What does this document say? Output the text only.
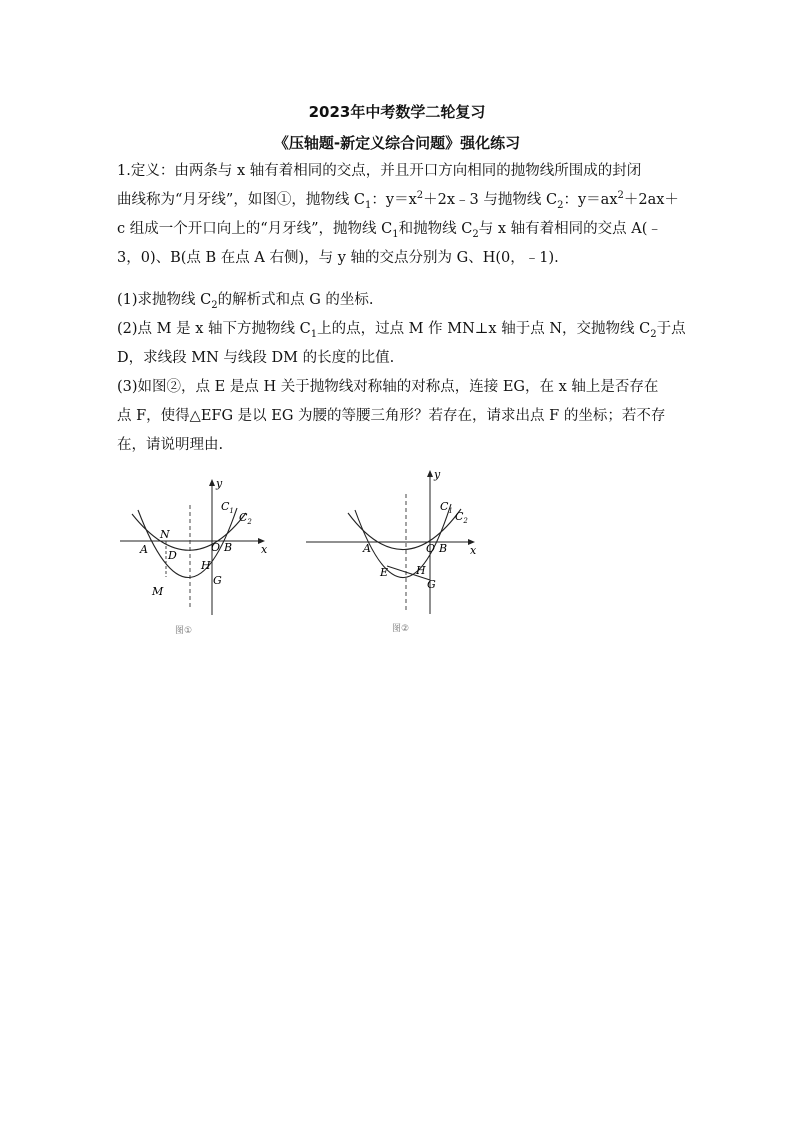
2023年中考数学二轮复习
《压轴题-新定义综合问题》强化练习
1.定义：由两条与 x 轴有着相同的交点，并且开口方向相同的抛物线所围成的封闭
曲线称为“月牙线”，如图①，抛物线 $C_1$：$y=x^2+2x﹣3$ 与抛物线 $C_2$：$y=ax^2+2ax+$
c 组成一个开口向上的“月牙线”，抛物线 $C_1$和抛物线 $C_2$与 x 轴有着相同的交点 A(﹣
3，0)、B(点 B 在点 A 右侧)，与 y 轴的交点分别为 G、H(0，﹣1).
(1)求抛物线 $C_2$的解析式和点 G 的坐标.
(2)点 M 是 x 轴下方抛物线 $C_1$上的点，过点 M 作 MN⊥x 轴于点 N，交抛物线 $C_2$于点
D，求线段 MN 与线段 DM 的长度的比值.
(3)如图②，点 E 是点 H 关于抛物线对称轴的对称点，连接 EG，在 x 轴上是否存在
点 F，使得△EFG 是以 EG 为腰的等腰三角形？若存在，请求出点 F 的坐标；若不存
在，请说明理由.
y
x
$C_1$ $C_2$
A
N
D
O B
H
G
M
图①
y
x
$C_1$ $C_2$
A
E
O B
H
G
图②
